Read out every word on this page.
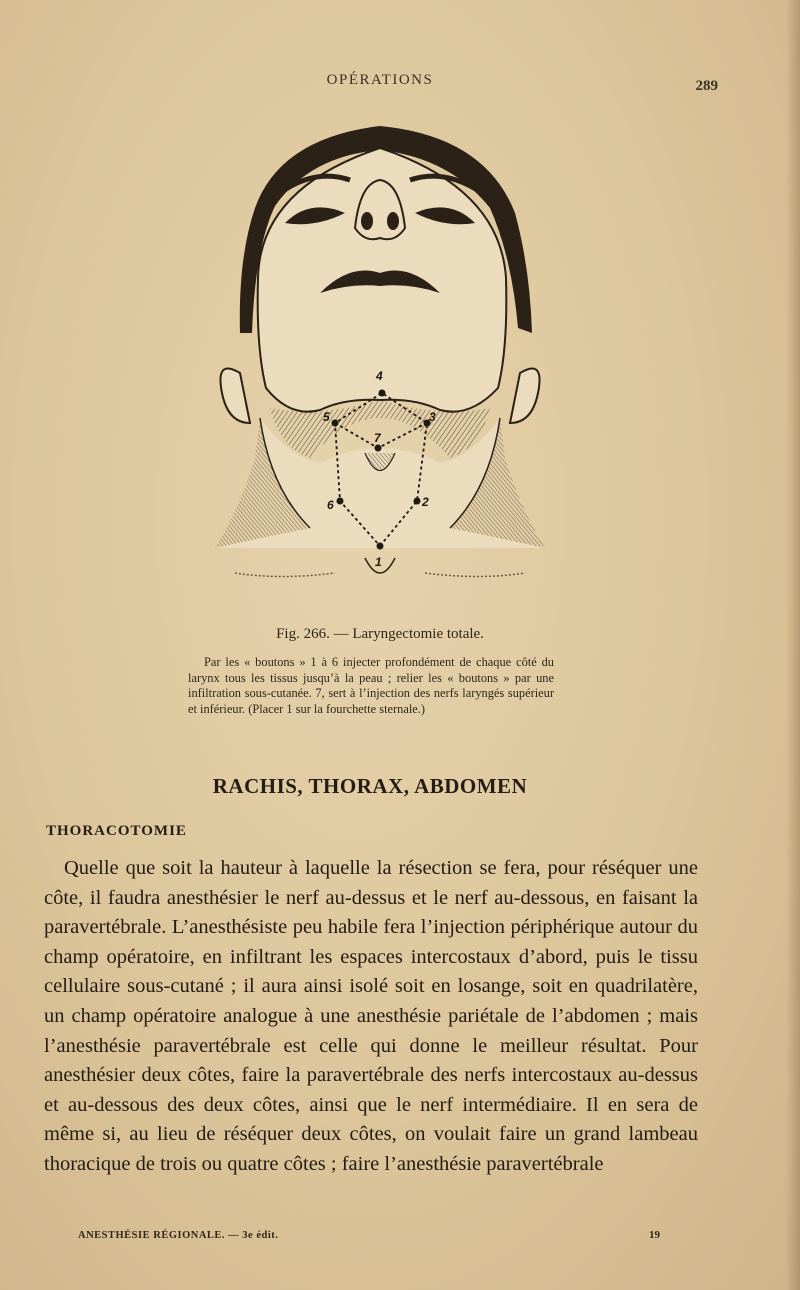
OPÉRATIONS	289
1
2
3
4
5
6
7
Fig. 266. — Laryngectomie totale.
Par les « boutons » 1 à 6 injecter profondément de chaque côté du larynx tous les tissus jusqu’à la peau ; relier les « boutons » par une infiltration sous-cutanée. 7, sert à l’injection des nerfs laryngés supérieur et inférieur. (Placer 1 sur la fourchette sternale.)
RACHIS, THORAX, ABDOMEN
THORACOTOMIE

Quelle que soit la hauteur à laquelle la résection se fera, pour réséquer une côte, il faudra anesthésier le nerf au-dessus et le nerf au-dessous, en faisant la paravertébrale. L’anesthésiste peu habile fera l’injection périphérique autour du champ opératoire, en infiltrant les espaces intercostaux d’abord, puis le tissu cellulaire sous-cutané ; il aura ainsi isolé soit en losange, soit en quadrilatère, un champ opératoire analogue à une anesthésie pariétale de l’abdomen ; mais l’anesthésie paravertébrale est celle qui donne le meilleur résultat. Pour anesthésier deux côtes, faire la paravertébrale des nerfs intercostaux au-dessus et au-dessous des deux côtes, ainsi que le nerf intermédiaire. Il en sera de même si, au lieu de réséquer deux côtes, on voulait faire un grand lambeau thoracique de trois ou quatre côtes ; faire l’anesthésie paravertébrale

ANESTHÉSIE RÉGIONALE. — 3e édit.	19
